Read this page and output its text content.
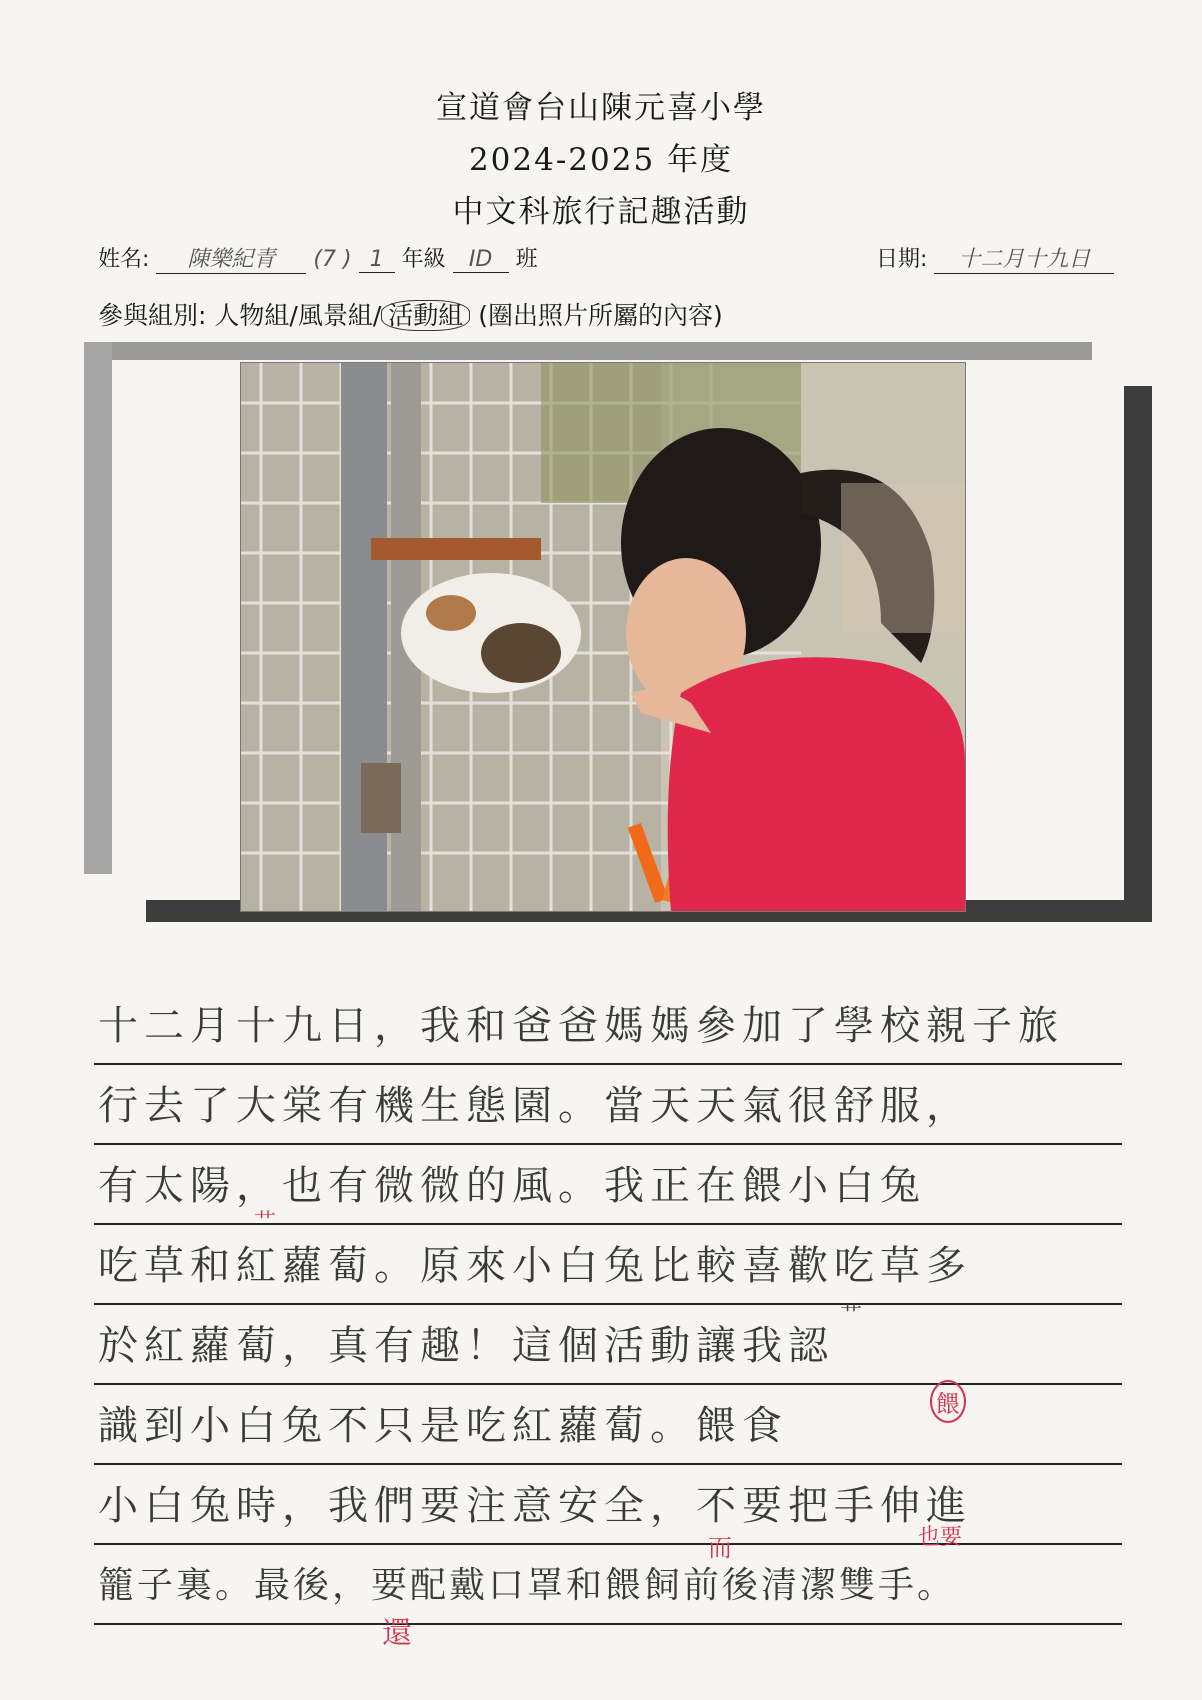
宣道會台山陳元喜小學
2024-2025 年度
中文科旅行記趣活動
姓名: 陳樂紀青 (7 ) 1 年級 ID 班	日期: 十二月十九日
參與組別: 人物組/風景組/ 活動組 (圈出照片所屬的內容)
十二月十九日，我和爸爸媽媽參加了學校親子旅
行去了大棠有機生態園。當天天氣很舒服，
有太陽，也有微微的風。我正在餵小白兔
吃草和紅蘿蔔。原來小白兔比較喜歡吃草多
於紅蘿蔔，真有趣！這個活動讓我認
識到小白兔不只是吃紅蘿蔔。餵食
小白兔時，我們要注意安全，不要把手伸進
籠子裏。最後，要配戴口罩和餵飼前後清潔雙手。
艹
艹
餵
而	也要
還
